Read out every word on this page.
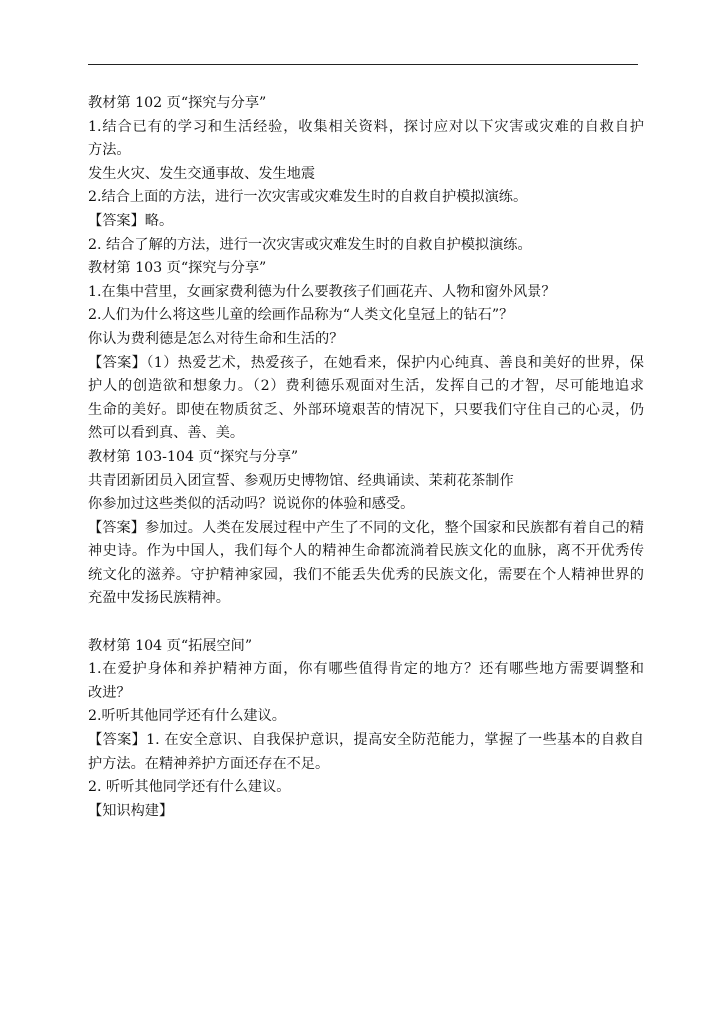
教材第 102 页“探究与分享”
1.结合已有的学习和生活经验，收集相关资料，探讨应对以下灾害或灾难的自救自护
方法。
发生火灾、发生交通事故、发生地震
2.结合上面的方法，进行一次灾害或灾难发生时的自救自护模拟演练。
【答案】略。
2. 结合了解的方法，进行一次灾害或灾难发生时的自救自护模拟演练。
教材第 103 页“探究与分享”
1.在集中营里，女画家费利德为什么要教孩子们画花卉、人物和窗外风景？
2.人们为什么将这些儿童的绘画作品称为“人类文化皇冠上的钻石”？
你认为费利德是怎么对待生命和生活的？
【答案】（1）热爱艺术，热爱孩子，在她看来，保护内心纯真、善良和美好的世界，保
护人的创造欲和想象力。（2）费利德乐观面对生活，发挥自己的才智，尽可能地追求
生命的美好。即使在物质贫乏、外部环境艰苦的情况下，只要我们守住自己的心灵，仍
然可以看到真、善、美。
教材第 103-104 页“探究与分享”
共青团新团员入团宣誓、参观历史博物馆、经典诵读、茉莉花茶制作
你参加过这些类似的活动吗？说说你的体验和感受。
【答案】参加过。人类在发展过程中产生了不同的文化，整个国家和民族都有着自己的精
神史诗。作为中国人，我们每个人的精神生命都流淌着民族文化的血脉，离不开优秀传
统文化的滋养。守护精神家园，我们不能丢失优秀的民族文化，需要在个人精神世界的
充盈中发扬民族精神。
教材第 104 页“拓展空间”
1.在爱护身体和养护精神方面，你有哪些值得肯定的地方？还有哪些地方需要调整和
改进？
2.听听其他同学还有什么建议。
【答案】1. 在安全意识、自我保护意识，提高安全防范能力，掌握了一些基本的自救自
护方法。在精神养护方面还存在不足。
2. 听听其他同学还有什么建议。
【知识构建】
